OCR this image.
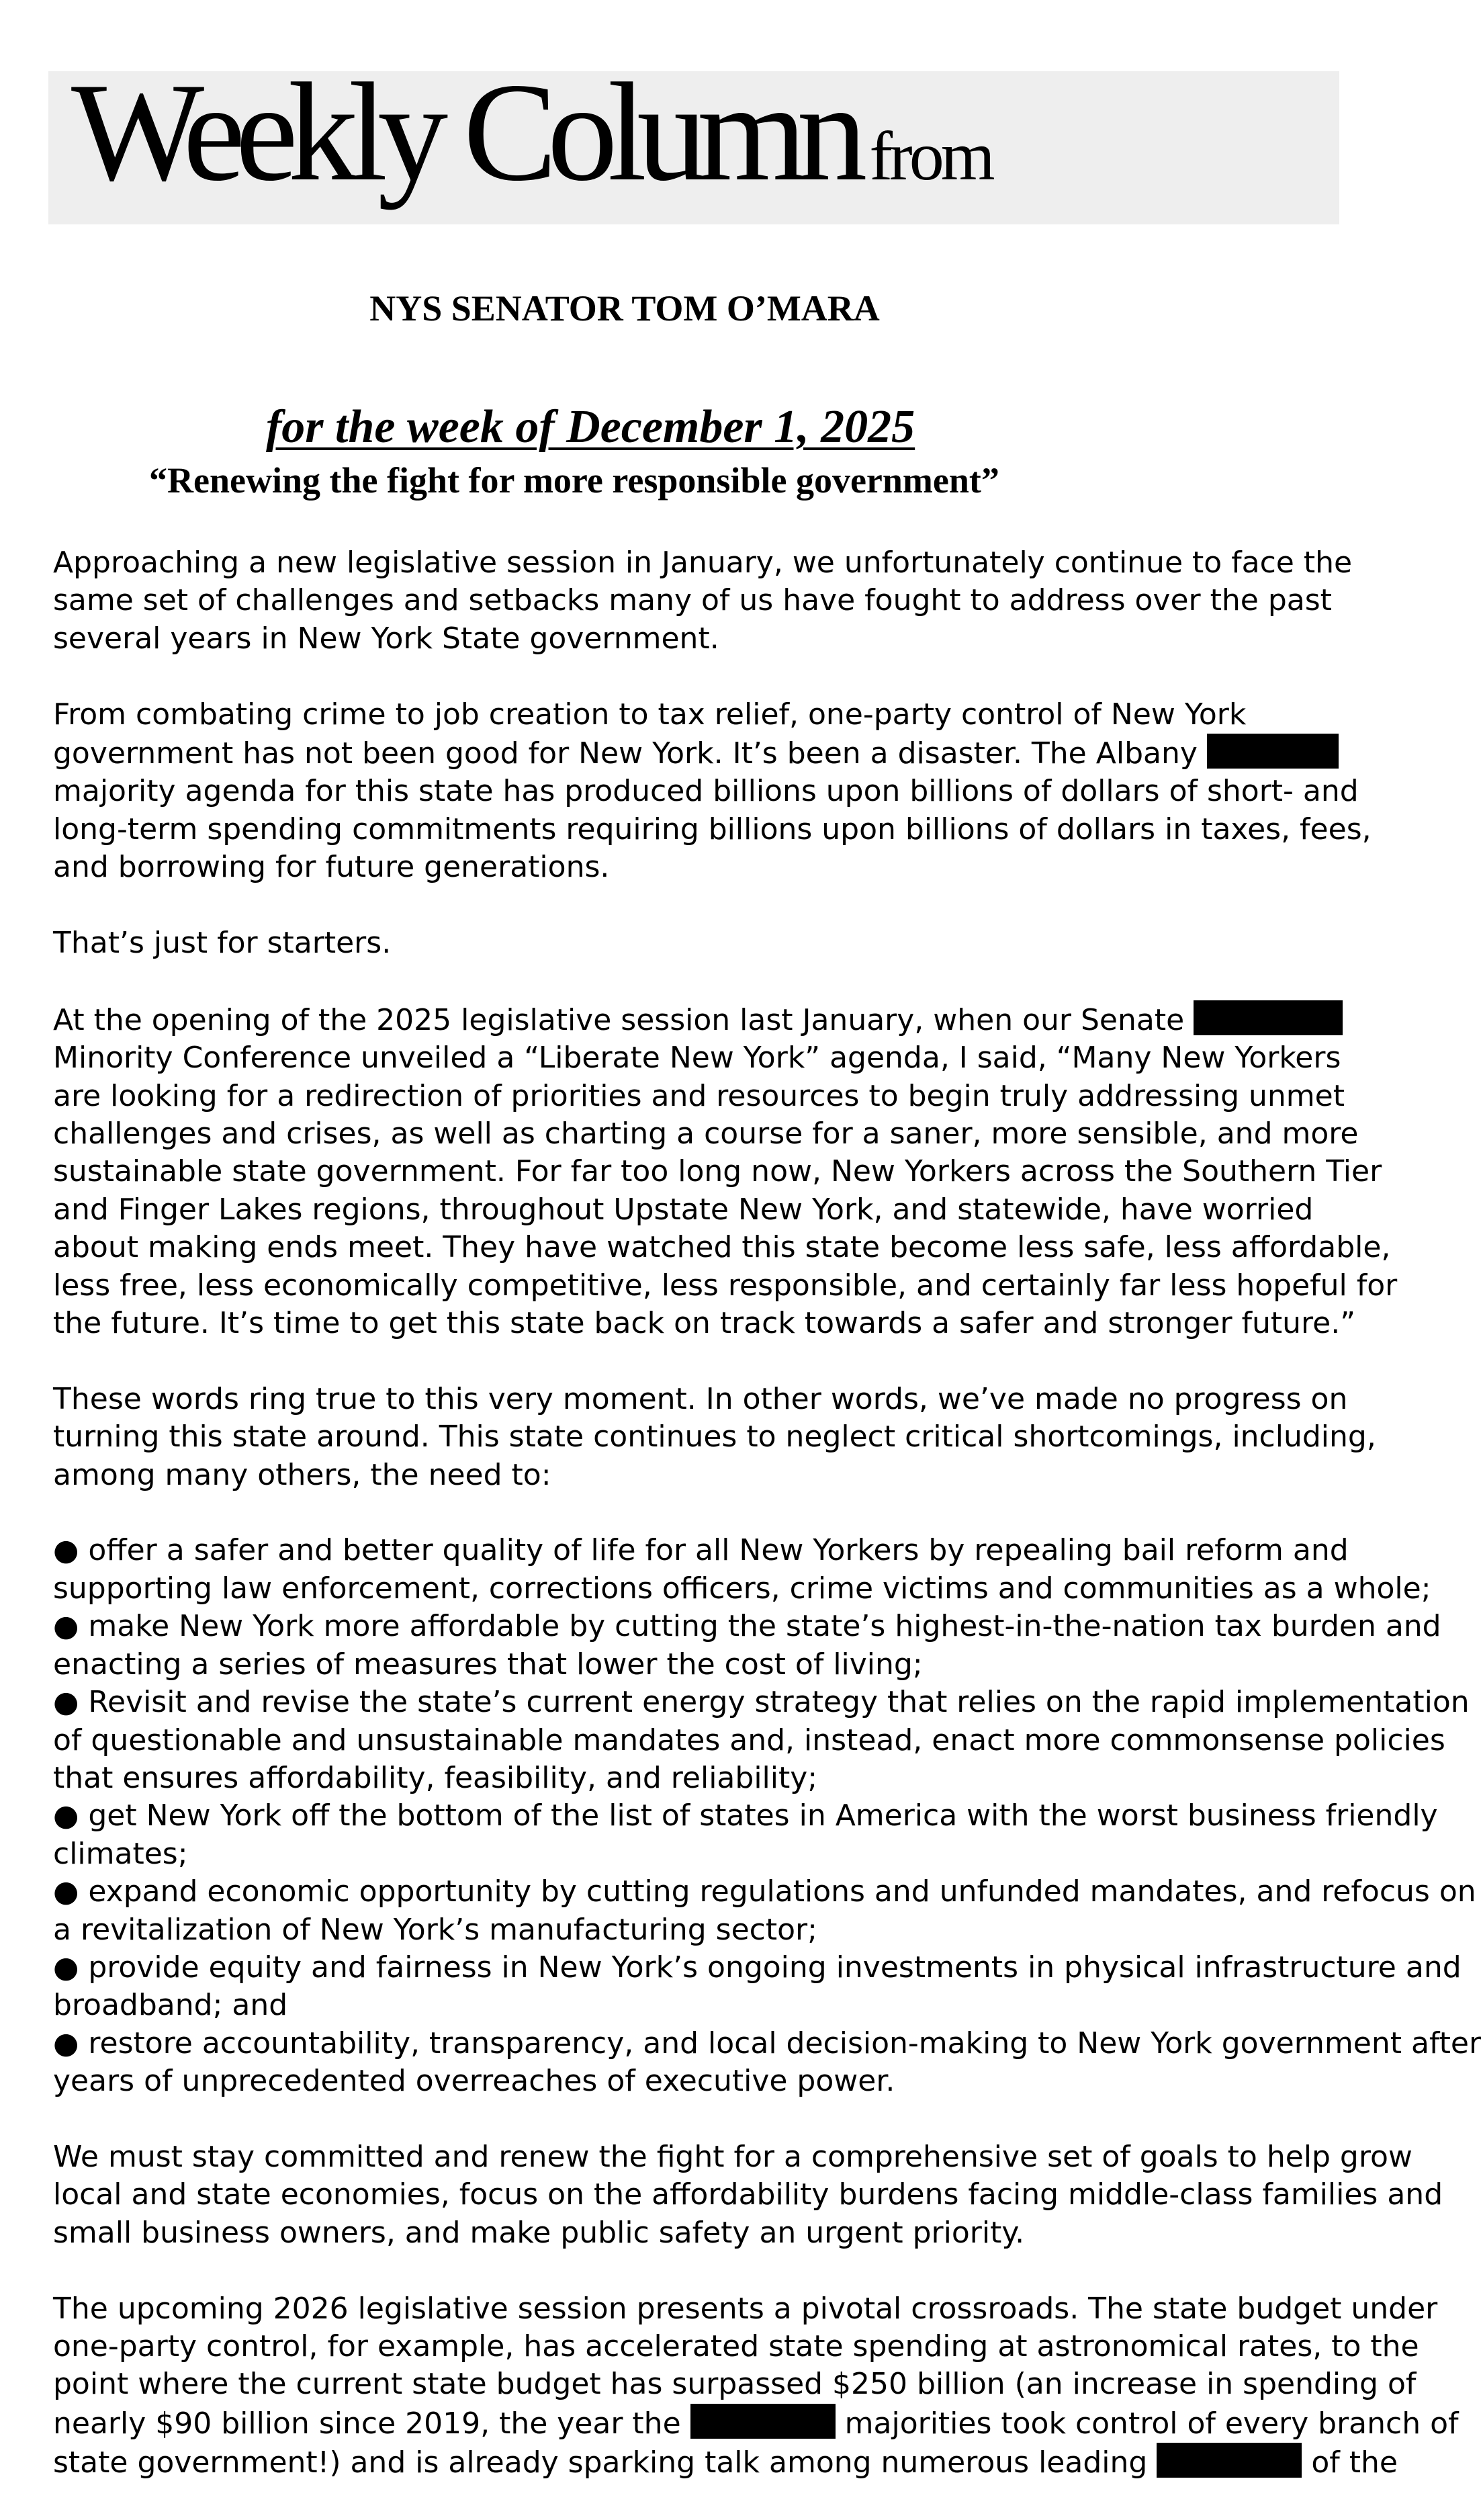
Weekly Column from
NYS SENATOR TOM O’MARA
for the week of December 1, 2025
“Renewing the fight for more responsible government”

Approaching a new legislative session in January, we unfortunately continue to face the
same set of challenges and setbacks many of us have fought to address over the past
several years in New York State government.

From combating crime to job creation to tax relief, one-party control of New York
government has not been good for New York. It’s been a disaster. The Albany
majority agenda for this state has produced billions upon billions of dollars of short- and
long-term spending commitments requiring billions upon billions of dollars in taxes, fees,
and borrowing for future generations.

That’s just for starters.

At the opening of the 2025 legislative session last January, when our Senate
Minority Conference unveiled a “Liberate New York” agenda, I said, “Many New Yorkers
are looking for a redirection of priorities and resources to begin truly addressing unmet
challenges and crises, as well as charting a course for a saner, more sensible, and more
sustainable state government. For far too long now, New Yorkers across the Southern Tier
and Finger Lakes regions, throughout Upstate New York, and statewide, have worried
about making ends meet. They have watched this state become less safe, less affordable,
less free, less economically competitive, less responsible, and certainly far less hopeful for
the future. It’s time to get this state back on track towards a safer and stronger future.”

These words ring true to this very moment. In other words, we’ve made no progress on
turning this state around. This state continues to neglect critical shortcomings, including,
among many others, the need to:

● offer a safer and better quality of life for all New Yorkers by repealing bail reform and
supporting law enforcement, corrections officers, crime victims and communities as a whole;
● make New York more affordable by cutting the state’s highest-in-the-nation tax burden and
enacting a series of measures that lower the cost of living;
● Revisit and revise the state’s current energy strategy that relies on the rapid implementation
of questionable and unsustainable mandates and, instead, enact more commonsense policies
that ensures affordability, feasibility, and reliability;
● get New York off the bottom of the list of states in America with the worst business friendly
climates;
● expand economic opportunity by cutting regulations and unfunded mandates, and refocus on
a revitalization of New York’s manufacturing sector;
● provide equity and fairness in New York’s ongoing investments in physical infrastructure and
broadband; and
● restore accountability, transparency, and local decision-making to New York government after
years of unprecedented overreaches of executive power.

We must stay committed and renew the fight for a comprehensive set of goals to help grow
local and state economies, focus on the affordability burdens facing middle-class families and
small business owners, and make public safety an urgent priority.

The upcoming 2026 legislative session presents a pivotal crossroads. The state budget under
one-party control, for example, has accelerated state spending at astronomical rates, to the
point where the current state budget has surpassed $250 billion (an increase in spending of
nearly $90 billion since 2019, the year the	majorities took control of every branch of
state government!) and is already sparking talk among numerous leading	of the
